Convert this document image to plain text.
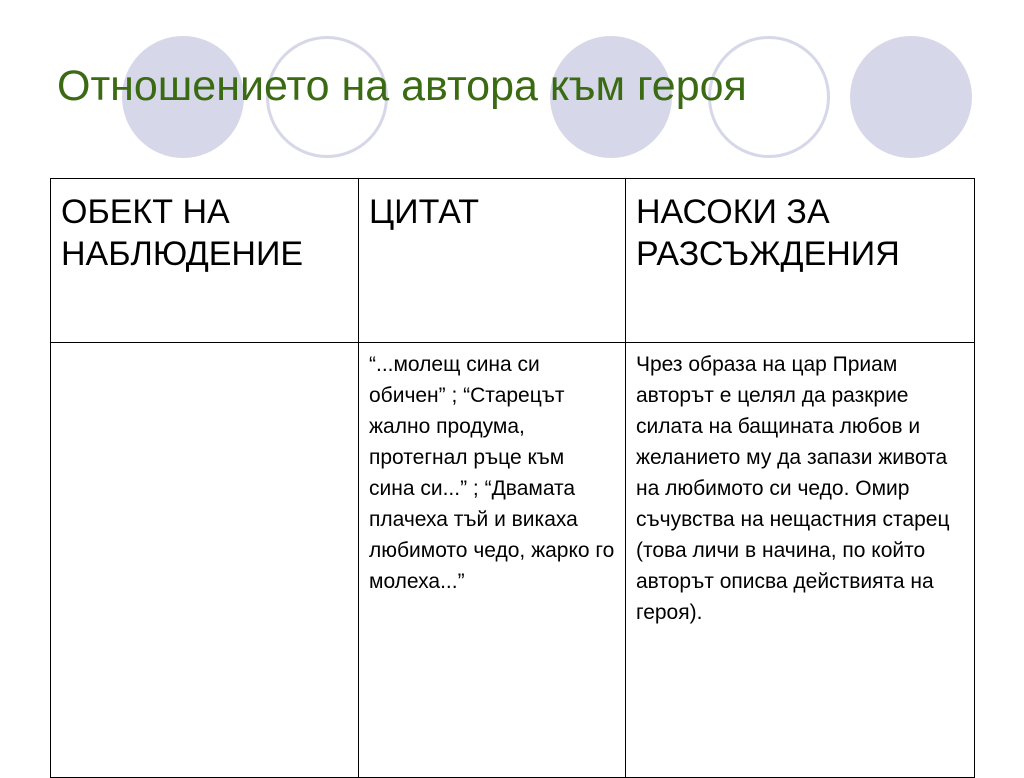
Отношението на автора към героя
ОБЕКТ НА НАБЛЮДЕНИЕ	ЦИТАТ	НАСОКИ ЗА РАЗСЪЖДЕНИЯ
	“...молещ сина си обичен” ; “Старецът жално продума, протегнал ръце към сина си...” ; “Двамата плачеха тъй и викаха любимото чедо, жарко го молеха...”	Чрез образа на цар Приам авторът е целял да разкрие силата на бащината любов и желанието му да запази живота на любимото си чедо. Омир съчувства на нещастния старец (това личи в начина, по който авторът описва действията на героя).
